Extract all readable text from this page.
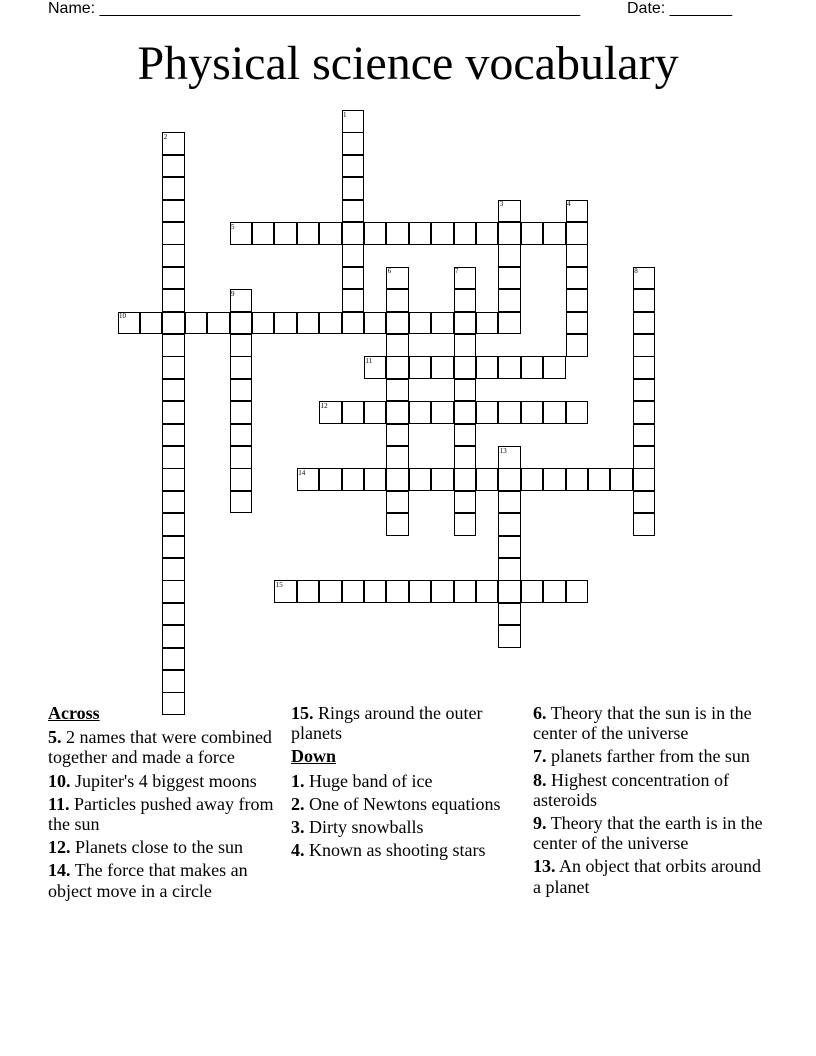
Name: ______________________________________________________	Date: _______
Physical science vocabulary
1
2
3	4
5
6	7	8
9
10
11
12
13
14
15
Across
5. 2 names that were combined together and made a force
10. Jupiter's 4 biggest moons
11. Particles pushed away from the sun
12. Planets close to the sun
14. The force that makes an object move in a circle
15. Rings around the outer planets
Down
1. Huge band of ice
2. One of Newtons equations
3. Dirty snowballs
4. Known as shooting stars
6. Theory that the sun is in the center of the universe
7. planets farther from the sun
8. Highest concentration of asteroids
9. Theory that the earth is in the center of the universe
13. An object that orbits around a planet
